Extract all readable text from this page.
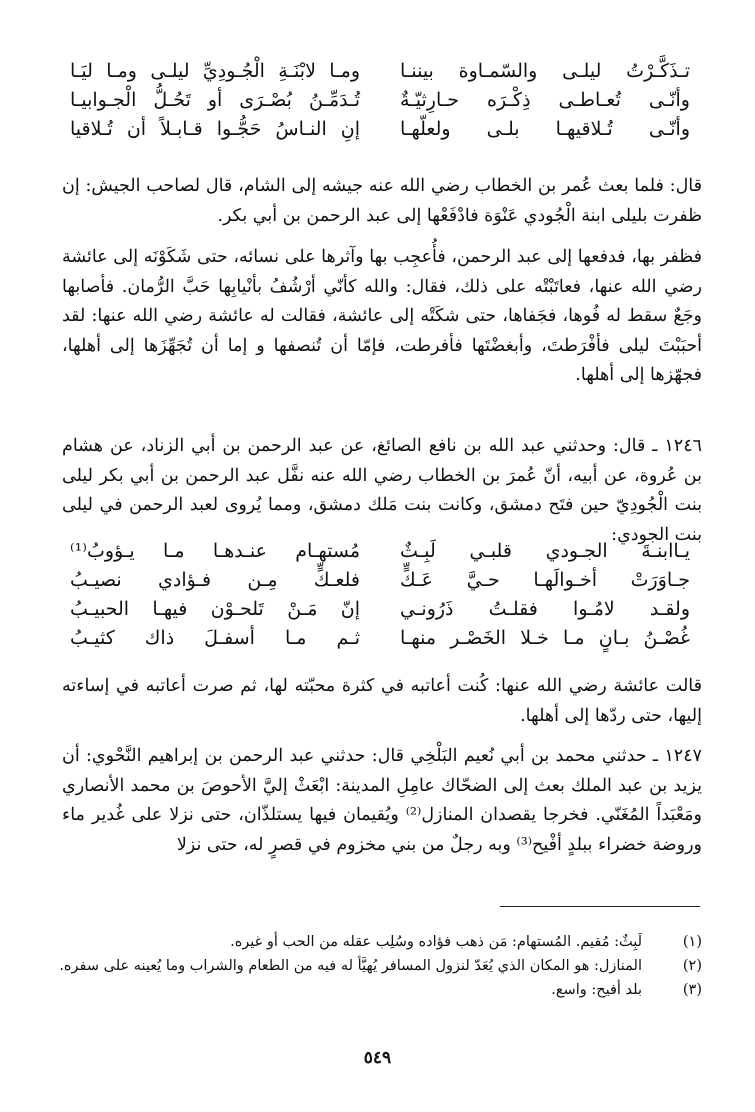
تـذَكَّـرْتُ ليلـى والسّمـاوة بيننـا
ومـا لابْنَـةِ الْجُـودِيِّ ليلـى ومـا ليَـا
وأنّـى تُعـاطـى ذِكْـرَه حـارِثيّـةٌ
تُـدَمِّـنُ بُصْـرَى أو تَحُـلُّ الْجـوابيـا
وأنّـى تُـلاقيهـا بلـى ولعلّهـا
إنِ النـاسُ حَجُّـوا قـابـلاً أن تُـلاقيا
قال: فلما بعث عُمر بن الخطاب رضي الله عنه جيشه إلى الشام، قال لصاحب الجيش: إن ظفرت بليلى ابنة الْجُودي عَنْوَة فادْفَعْها إلى عبد الرحمن بن أبي بكر.
فظفر بها، فدفعها إلى عبد الرحمن، فأُعجِب بها وآثرها على نسائه، حتى شَكَوْنَه إلى عائشة رضي الله عنها، فعاتَبْتْه على ذلك، فقال: والله كأنّي أرْشُفُ بأنْيابِها حَبَّ الرُّمان. فأصابها وجَعٌ سقط له فُوها، فجَفاها، حتى شكَتْه إلى عائشة، فقالت له عائشة رضي الله عنها: لقد أحبَبْتَ ليلى فأفْرَطتَ، وأبغضْتَها فأفرطت، فإمّا أن تُنصفها و إما أن تُجَهِّزَها إلى أهلها، فجهّزها إلى أهلها.
١٢٤٦ ـ قال: وحدثني عبد الله بن نافع الصائغ، عن عبد الرحمن بن أبي الزناد، عن هشام بن عُروة، عن أبيه، أنّ عُمرَ بن الخطاب رضي الله عنه نفَّل عبد الرحمن بن أبي بكر ليلى بنت الْجُودِيّ حين فتَح دمشق، وكانت بنت مَلك دمشق، ومما يُروى لعبد الرحمن في ليلى بنت الجودي:
يـاابنـةَ الجـودي قلبـي لَبِـثٌ
مُستهـام عنـدهـا مـا يـؤوبُ⁽¹⁾
جـاوَرَتْ أخـوالَهـا حـيَّ عَـكٍّ
فلعـكٍّ مِـن فـؤادي نصيـبُ
ولقـد لامُـوا فقلـتُ ذَرُونـي
إنّ مَـنْ تَلحـوْن فيهـا الحبيـبُ
غُصْـنُ بـانٍ مـا خـلا الخَصْـر منهـا
ثـم مـا أسفـلَ ذاك كثيـبُ
قالت عائشة رضي الله عنها: كُنت أعاتبه في كثرة محبّته لها، ثم صرت أعاتبه في إساءته إليها، حتى ردّها إلى أهلها.
١٢٤٧ ـ حدثني محمد بن أبي نُعيم البَلْخِي قال: حدثني عبد الرحمن بن إبراهيم النَّحْوي: أن يزيد بن عبد الملك بعث إلى الضحّاك عامِلِ المدينة: ابْعَثْ إليَّ الأحوصَ بن محمد الأنصاري ومَعْبَداً المُغَنّي. فخرجا يقصدان المنازل⁽²⁾ ويُقيمان فيها يستلذّان، حتى نزلا على غُدير ماء وروضة خضراء ببلدٍ أفْيح⁽³⁾ وبه رجلٌ من بني مخزوم في قصرٍ له، حتى نزلا
(١)
لَبِثٌ: مُقيم. المُستهام: مَن ذهب فؤاده وسُلِب عقله من الحب أو غيره.
(٢)
المنازل: هو المكان الذي يُعَدّ لنزول المسافر يُهيَّأ له فيه من الطعام والشراب وما يُعينه على سفره.
(٣)
بلد أفيح: واسع.
٥٤٩
